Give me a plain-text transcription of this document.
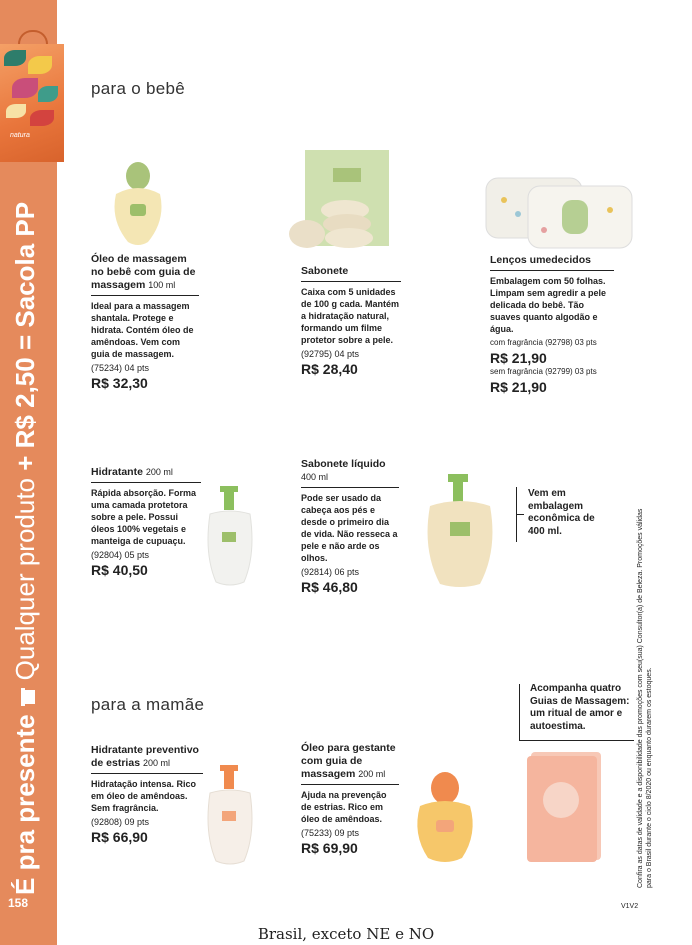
natura
Ideal para presentear (76354)
É pra presenteQualquer produto + R$ 2,50 = Sacola PP
158
para o bebê
para a mamãe
Óleo de massagem no bebê com guia de massagem 100 ml
Ideal para a massagem shantala. Protege e hidrata. Contém óleo de amêndoas. Vem com guia de massagem.
(75234) 04 pts
R$ 32,30
Sabonete
Caixa com 5 unidades de 100 g cada. Mantém a hidratação natural, formando um filme protetor sobre a pele.
(92795) 04 pts
R$ 28,40
Lenços umedecidos
Embalagem com 50 folhas. Limpam sem agredir a pele delicada do bebê. Tão suaves quanto algodão e água.
com fragrância (92798) 03 pts
R$ 21,90
sem fragrância (92799) 03 pts
R$ 21,90
Hidratante 200 ml
Rápida absorção. Forma uma camada protetora sobre a pele. Possui óleos 100% vegetais e manteiga de cupuaçu.
(92804) 05 pts
R$ 40,50
Sabonete líquido
400 ml
Pode ser usado da cabeça aos pés e desde o primeiro dia de vida. Não resseca a pele e não arde os olhos.
(92814) 06 pts
R$ 46,80
Hidratante preventivo de estrias 200 ml
Hidratação intensa. Rico em óleo de amêndoas. Sem fragrância.
(92808) 09 pts
R$ 66,90
Óleo para gestante com guia de massagem 200 ml
Ajuda na prevenção de estrias. Rico em óleo de amêndoas.
(75233) 09 pts
R$ 69,90
Vem em embalagem econômica de 400 ml.
Acompanha quatro Guias de Massagem: um ritual de amor e autoestima.	Confira as datas de validade e a disponibilidade das promoções com seu(sua) Consultor(a) de Beleza. Promoções válidas para o Brasil durante o ciclo 8/2020 ou enquanto durarem os estoques.
V1V2
Brasil, exceto NE e NO
